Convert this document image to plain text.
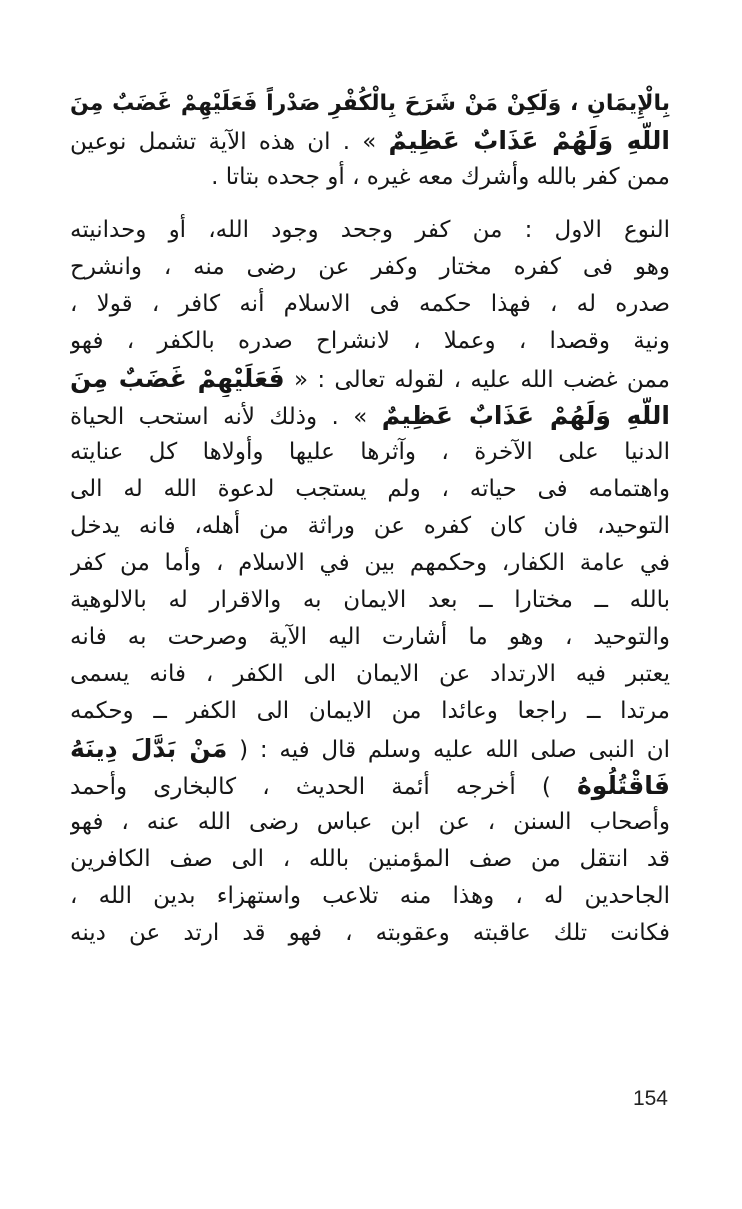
بِالْإِيمَانِ ، وَلَكِنْ مَنْ شَرَحَ بِالْكُفْرِ صَدْراً فَعَلَيْهِمْ غَضَبٌ مِنَ
اللَّهِ وَلَهُمْ عَذَابٌ عَظِيمٌ » . ان هذه الآية تشمل نوعين
ممن كفر بالله وأشرك معه غيره ، أو جحده بتاتا .
النوع الاول : من كفر وجحد وجود الله، أو وحدانيته
وهو فى كفره مختار وكفر عن رضى منه ، وانشرح
صدره له ، فهذا حكمه فى الاسلام أنه كافر ، قولا ،
ونية وقصدا ، وعملا ، لانشراح صدره بالكفر ، فهو
ممن غضب الله عليه ، لقوله تعالى : « فَعَلَيْهِمْ غَضَبٌ مِنَ
اللَّهِ وَلَهُمْ عَذَابٌ عَظِيمٌ » . وذلك لأنه استحب الحياة
الدنيا على الآخرة ، وآثرها عليها وأولاها كل عنايته
واهتمامه فى حياته ، ولم يستجب لدعوة الله له الى
التوحيد، فان كان كفره عن وراثة من أهله، فانه يدخل
في عامة الكفار، وحكمهم بين في الاسلام ، وأما من كفر
بالله ــ مختارا ــ بعد الايمان به والاقرار له بالالوهية
والتوحيد ، وهو ما أشارت اليه الآية وصرحت به فانه
يعتبر فيه الارتداد عن الايمان الى الكفر ، فانه يسمى
مرتدا ــ راجعا وعائدا من الايمان الى الكفر ــ وحكمه
ان النبى صلى الله عليه وسلم قال فيه : ( مَنْ بَدَّلَ دِينَهُ
فَاقْتُلُوهُ ) أخرجه أئمة الحديث ، كالبخارى وأحمد
وأصحاب السنن ، عن ابن عباس رضى الله عنه ، فهو
قد انتقل من صف المؤمنين بالله ، الى صف الكافرين
الجاحدين له ، وهذا منه تلاعب واستهزاء بدين الله ،
فكانت تلك عاقبته وعقوبته ، فهو قد ارتد عن دينه
154
